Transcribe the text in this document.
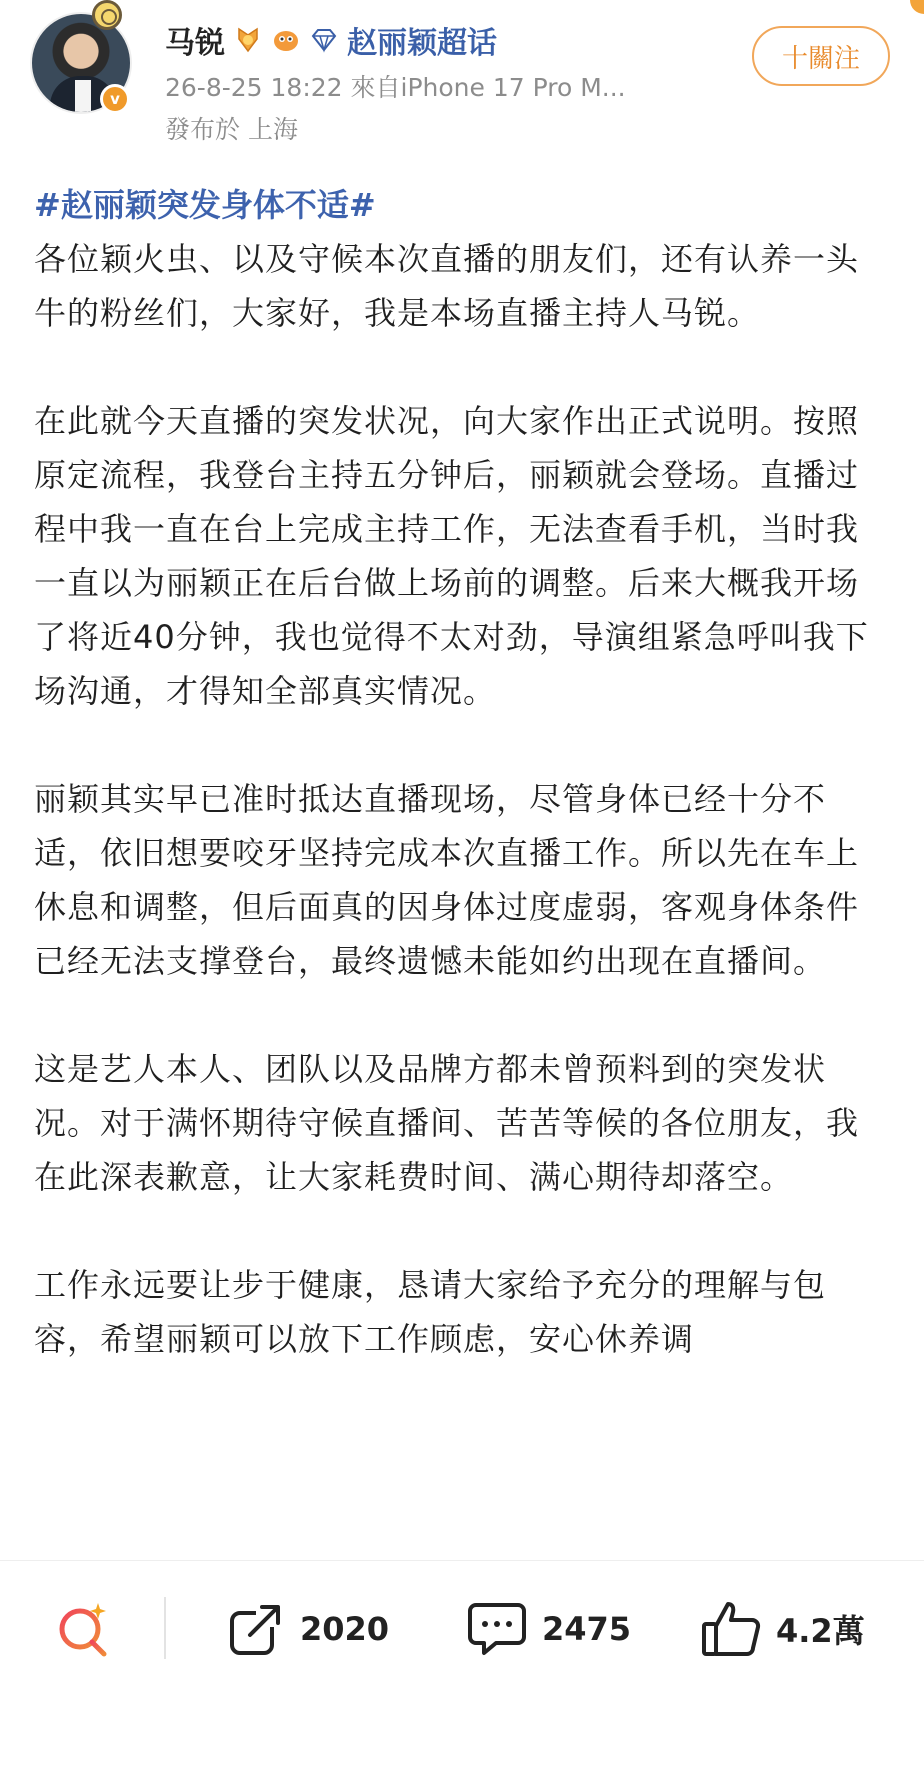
v
马锐	赵丽颖超话
26-8-25 18:22 來自iPhone 17 Pro M...
發布於 上海
十關注
#赵丽颖突发身体不适#

各位颖火虫、以及守候本次直播的朋友们，还有认养一头牛的粉丝们，大家好，我是本场直播主持人马锐。

在此就今天直播的突发状况，向大家作出正式说明。按照原定流程，我登台主持五分钟后，丽颖就会登场。直播过程中我一直在台上完成主持工作，无法查看手机，当时我一直以为丽颖正在后台做上场前的调整。后来大概我开场了将近40分钟，我也觉得不太对劲，导演组紧急呼叫我下场沟通，才得知全部真实情况。

丽颖其实早已准时抵达直播现场，尽管身体已经十分不适，依旧想要咬牙坚持完成本次直播工作。所以先在车上休息和调整，但后面真的因身体过度虚弱，客观身体条件已经无法支撑登台，最终遗憾未能如约出现在直播间。

这是艺人本人、团队以及品牌方都未曾预料到的突发状况。对于满怀期待守候直播间、苦苦等候的各位朋友，我在此深表歉意，让大家耗费时间、满心期待却落空。

工作永远要让步于健康，恳请大家给予充分的理解与包容，希望丽颖可以放下工作顾虑，安心休养调

2020	2475	4.2萬
